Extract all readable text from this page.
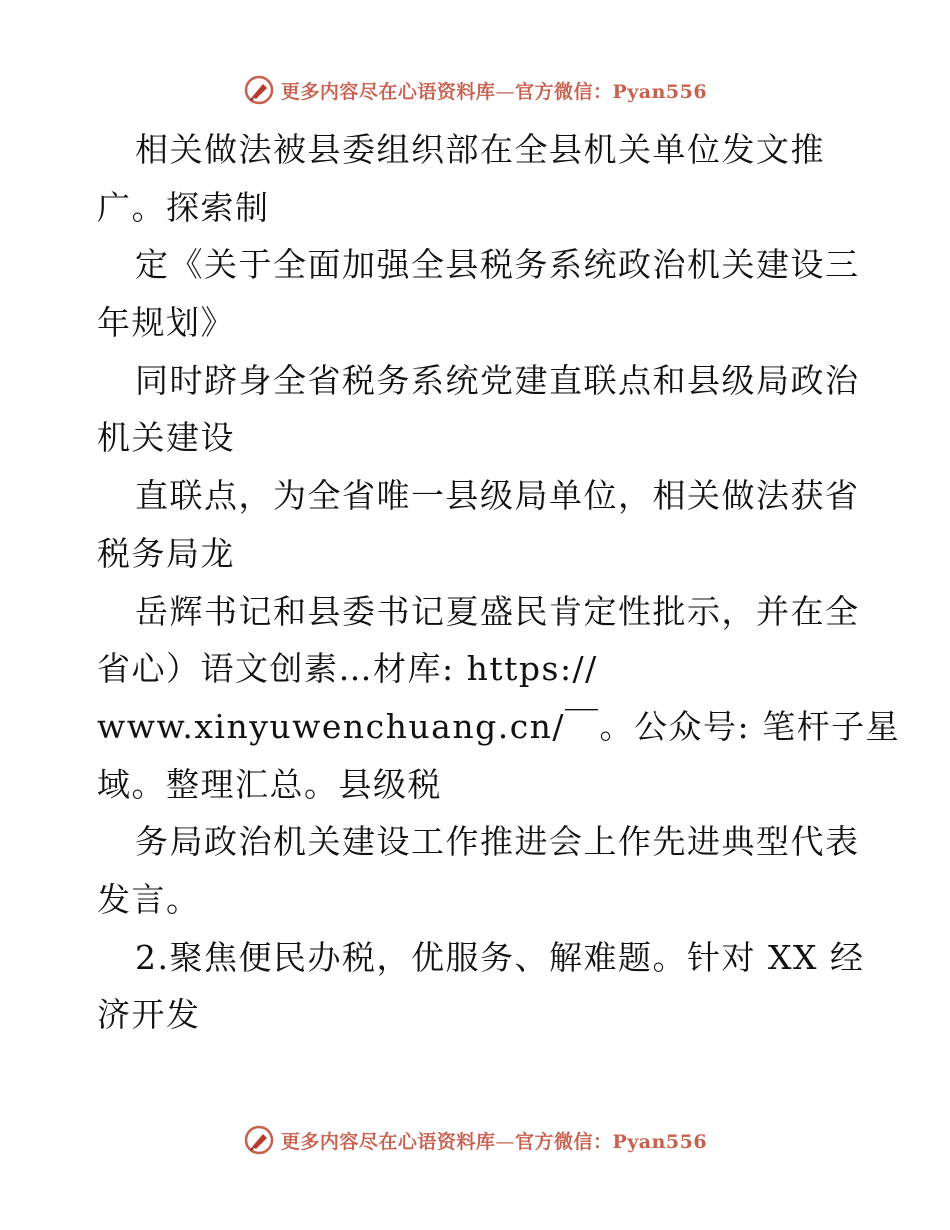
更多内容尽在心语资料库—官方微信：Pyan556
相关做法被县委组织部在全县机关单位发文推
广。探索制
定《关于全面加强全县税务系统政治机关建设三
年规划》
同时跻身全省税务系统党建直联点和县级局政治
机关建设
直联点，为全省唯一县级局单位，相关做法获省
税务局龙
岳辉书记和县委书记夏盛民肯定性批示，并在全
省心）语文创素…材库: https://
www.xinyuwenchuang.cn/￣。公众号: 笔杆子星
域。整理汇总。县级税
务局政治机关建设工作推进会上作先进典型代表
发言。
2.聚焦便民办税，优服务、解难题。针对 XX 经
济开发
更多内容尽在心语资料库—官方微信：Pyan556
